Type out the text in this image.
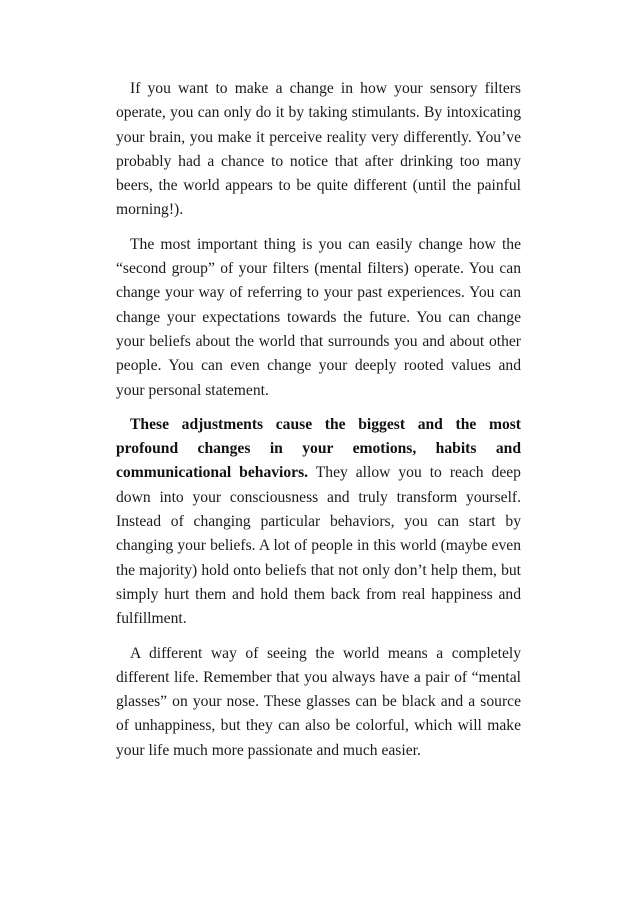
If you want to make a change in how your sensory filters operate, you can only do it by taking stimulants. By intoxicating your brain, you make it perceive reality very differently. You’ve probably had a chance to notice that after drinking too many beers, the world appears to be quite different (until the painful morning!).

The most important thing is you can easily change how the “second group” of your filters (mental filters) operate. You can change your way of referring to your past experiences. You can change your expectations towards the future. You can change your beliefs about the world that surrounds you and about other people. You can even change your deeply rooted values and your personal statement.

These adjustments cause the biggest and the most profound changes in your emotions, habits and communicational behaviors. They allow you to reach deep down into your consciousness and truly transform yourself. Instead of changing particular behaviors, you can start by changing your beliefs. A lot of people in this world (maybe even the majority) hold onto beliefs that not only don’t help them, but simply hurt them and hold them back from real happiness and fulfillment.

A different way of seeing the world means a completely different life. Remember that you always have a pair of “mental glasses” on your nose. These glasses can be black and a source of unhappiness, but they can also be colorful, which will make your life much more passionate and much easier.
